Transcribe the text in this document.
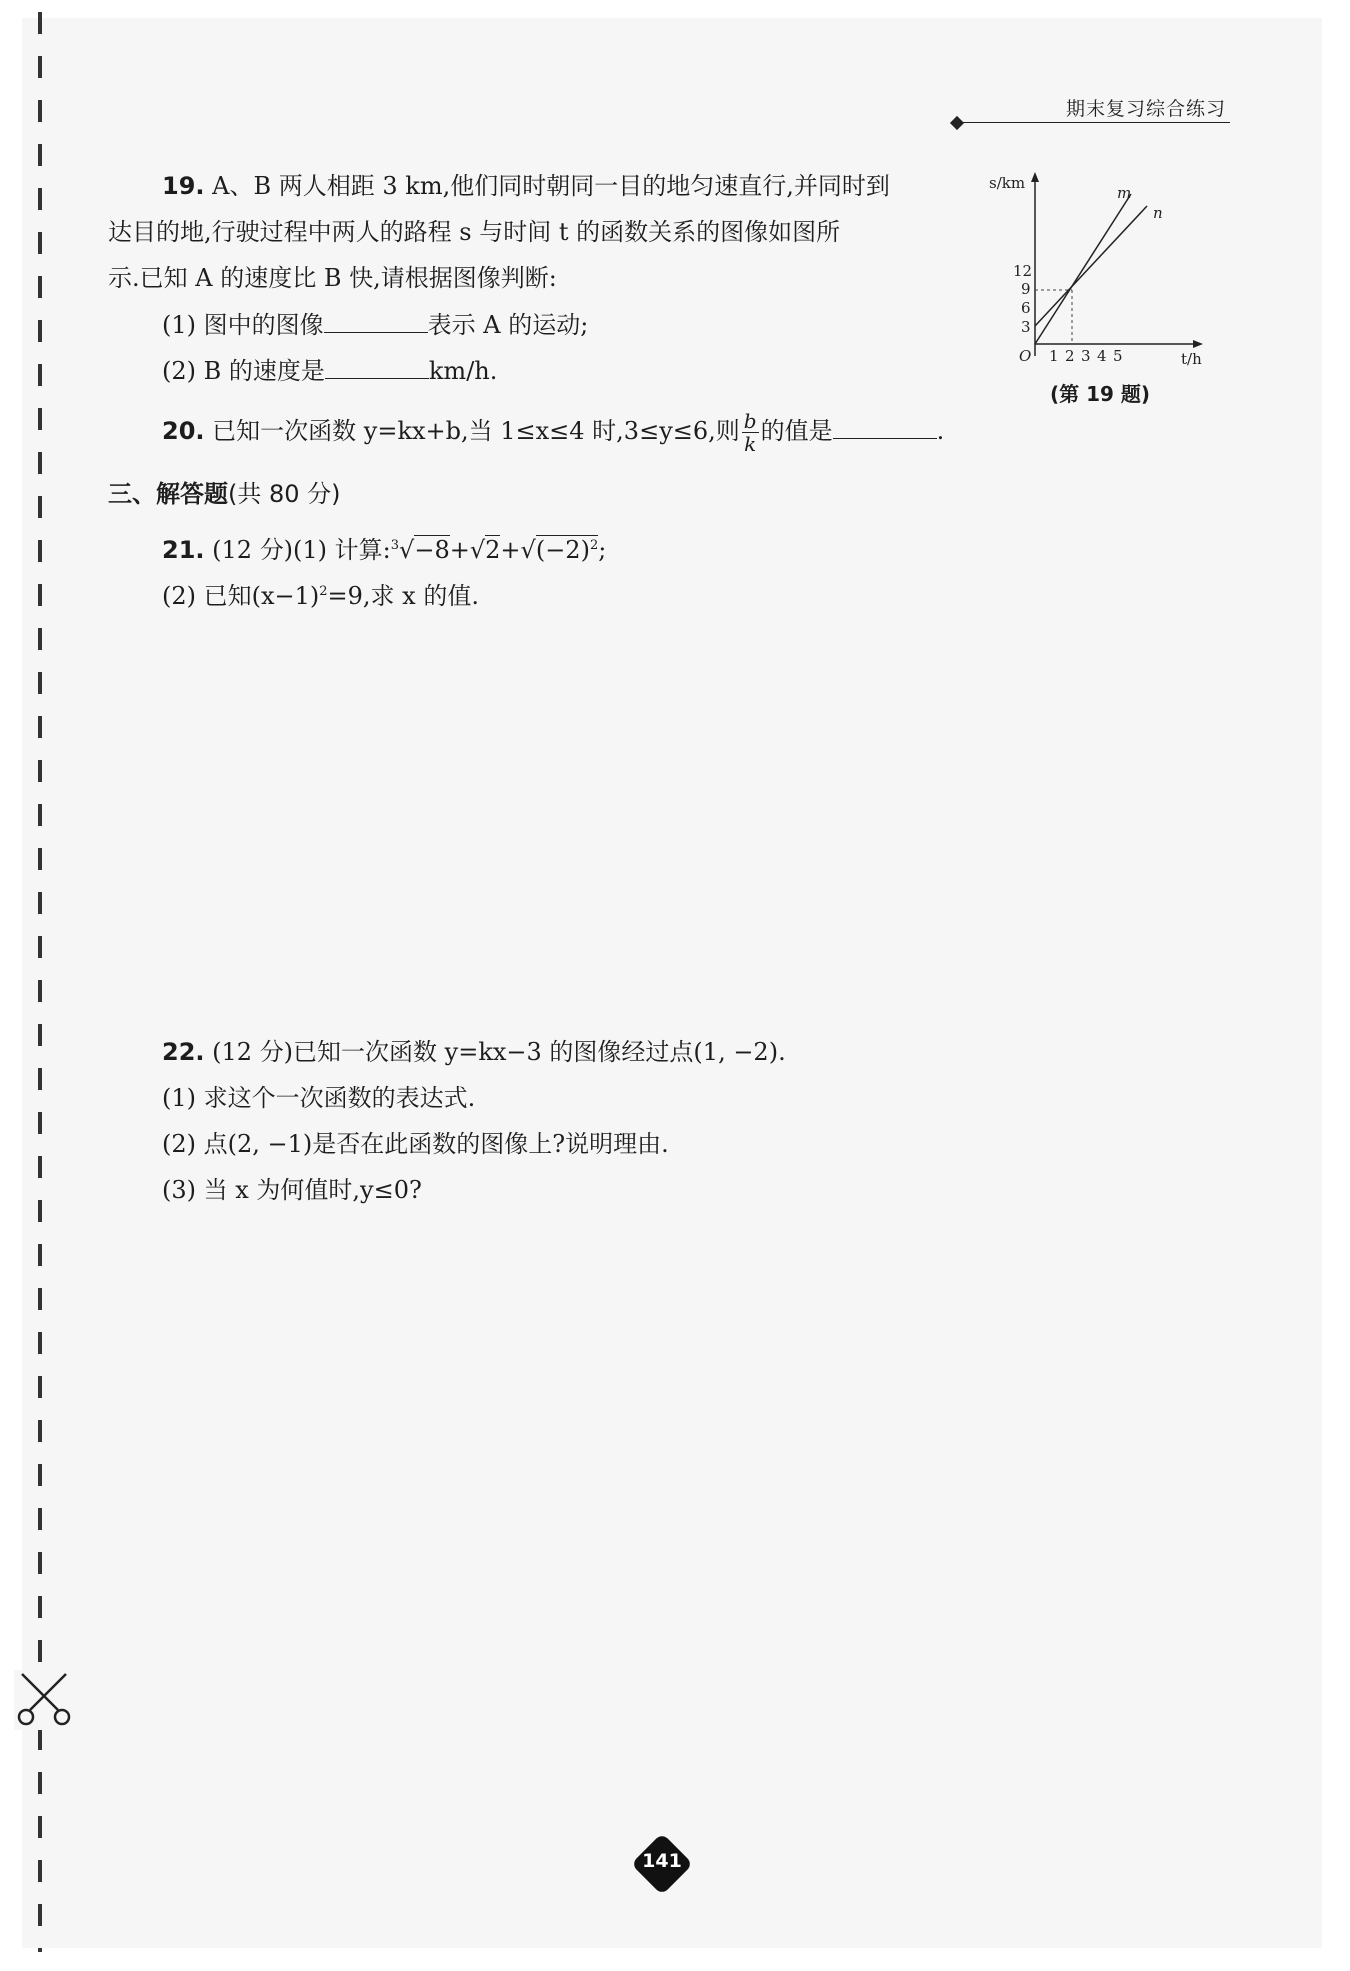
期末复习综合练习
19. A、B 两人相距 3 km,他们同时朝同一目的地匀速直行,并同时到
达目的地,行驶过程中两人的路程 s 与时间 t 的函数关系的图像如图所
示.已知 A 的速度比 B 快,请根据图像判断:
(1) 图中的图像	表示 A 的运动;
(2) B 的速度是	km/h.
s/km
t/h
O
12
9
6
3
1 2 3 4 5
m
n
(第 19 题)
20. 已知一次函数 y=kx+b,当 1≤x≤4 时,3≤y≤6,则 $\frac{b}{k}$ 的值是	.
三、解答题(共 80 分)
21. (12 分)(1) 计算$:^3√-8+√2+√(-2)^2$;
(2) 已知$(x-1)^2=9$,求 x 的值.
22. (12 分)已知一次函数 y=kx−3 的图像经过点(1, −2).
(1) 求这个一次函数的表达式.
(2) 点(2, −1)是否在此函数的图像上?说明理由.
(3) 当 x 为何值时,y≤0?
141
